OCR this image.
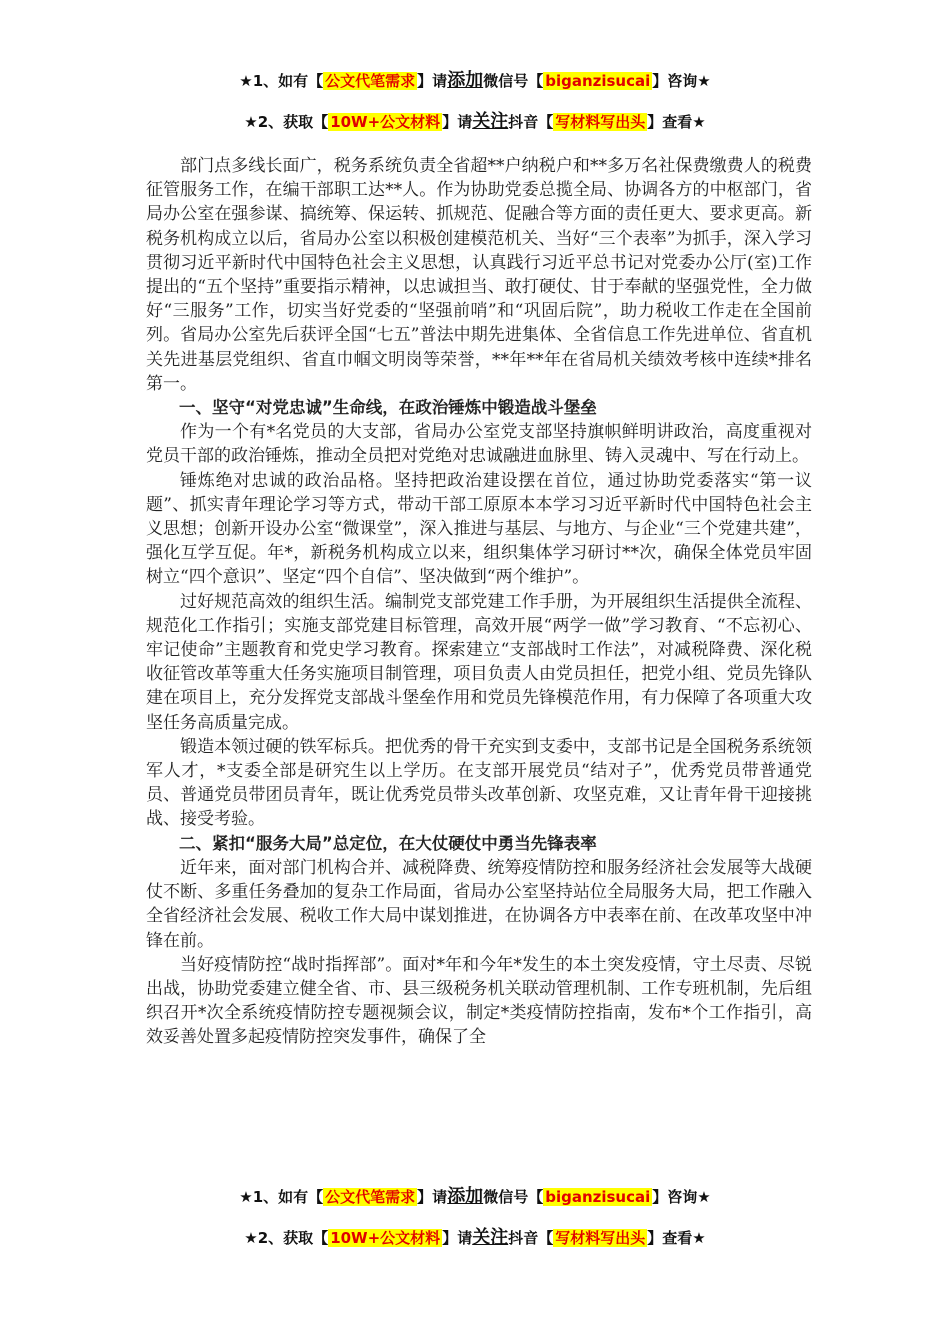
★1、如有【 公文代笔需求 】请添加微信号【 biganzisucai 】咨询★
★2、获取【 10W+公文材料 】请关注抖音【 写材料写出头 】查看★

部门点多线长面广，税务系统负责全省超**户纳税户和**多万名社保费缴费人的税费征管服务工作，在编干部职工达**人。作为协助党委总揽全局、协调各方的中枢部门，省局办公室在强参谋、搞统筹、保运转、抓规范、促融合等方面的责任更大、要求更高。新税务机构成立以后，省局办公室以积极创建模范机关、当好“三个表率”为抓手，深入学习贯彻习近平新时代中国特色社会主义思想，认真践行习近平总书记对党委办公厅(室)工作提出的“五个坚持”重要指示精神，以忠诚担当、敢打硬仗、甘于奉献的坚强党性，全力做好“三服务”工作，切实当好党委的“坚强前哨”和“巩固后院”，助力税收工作走在全国前列。省局办公室先后获评全国“七五”普法中期先进集体、全省信息工作先进单位、省直机关先进基层党组织、省直巾帼文明岗等荣誉，**年**年在省局机关绩效考核中连续*排名第一。

一、坚守“对党忠诚”生命线，在政治锤炼中锻造战斗堡垒

作为一个有*名党员的大支部，省局办公室党支部坚持旗帜鲜明讲政治，高度重视对党员干部的政治锤炼，推动全员把对党绝对忠诚融进血脉里、铸入灵魂中、写在行动上。

锤炼绝对忠诚的政治品格。坚持把政治建设摆在首位，通过协助党委落实“第一议题”、抓实青年理论学习等方式，带动干部工原原本本学习习近平新时代中国特色社会主义思想；创新开设办公室“微课堂”，深入推进与基层、与地方、与企业“三个党建共建”，强化互学互促。年*，新税务机构成立以来，组织集体学习研讨**次，确保全体党员牢固树立“四个意识”、坚定“四个自信”、坚决做到“两个维护”。

过好规范高效的组织生活。编制党支部党建工作手册，为开展组织生活提供全流程、规范化工作指引；实施支部党建目标管理，高效开展“两学一做”学习教育、“不忘初心、牢记使命”主题教育和党史学习教育。探索建立“支部战时工作法”，对减税降费、深化税收征管改革等重大任务实施项目制管理，项目负责人由党员担任，把党小组、党员先锋队建在项目上，充分发挥党支部战斗堡垒作用和党员先锋模范作用，有力保障了各项重大攻坚任务高质量完成。

锻造本领过硬的铁军标兵。把优秀的骨干充实到支委中，支部书记是全国税务系统领军人才，*支委全部是研究生以上学历。在支部开展党员“结对子”，优秀党员带普通党员、普通党员带团员青年，既让优秀党员带头改革创新、攻坚克难，又让青年骨干迎接挑战、接受考验。

二、紧扣“服务大局”总定位，在大仗硬仗中勇当先锋表率

近年来，面对部门机构合并、减税降费、统筹疫情防控和服务经济社会发展等大战硬仗不断、多重任务叠加的复杂工作局面，省局办公室坚持站位全局服务大局，把工作融入全省经济社会发展、税收工作大局中谋划推进，在协调各方中表率在前、在改革攻坚中冲锋在前。

当好疫情防控“战时指挥部”。面对*年和今年*发生的本土突发疫情，守土尽责、尽锐出战，协助党委建立健全省、市、县三级税务机关联动管理机制、工作专班机制，先后组织召开*次全系统疫情防控专题视频会议，制定*类疫情防控指南，发布*个工作指引，高效妥善处置多起疫情防控突发事件，确保了全

★1、如有【 公文代笔需求 】请添加微信号【 biganzisucai 】咨询★
★2、获取【 10W+公文材料 】请关注抖音【 写材料写出头 】查看★
